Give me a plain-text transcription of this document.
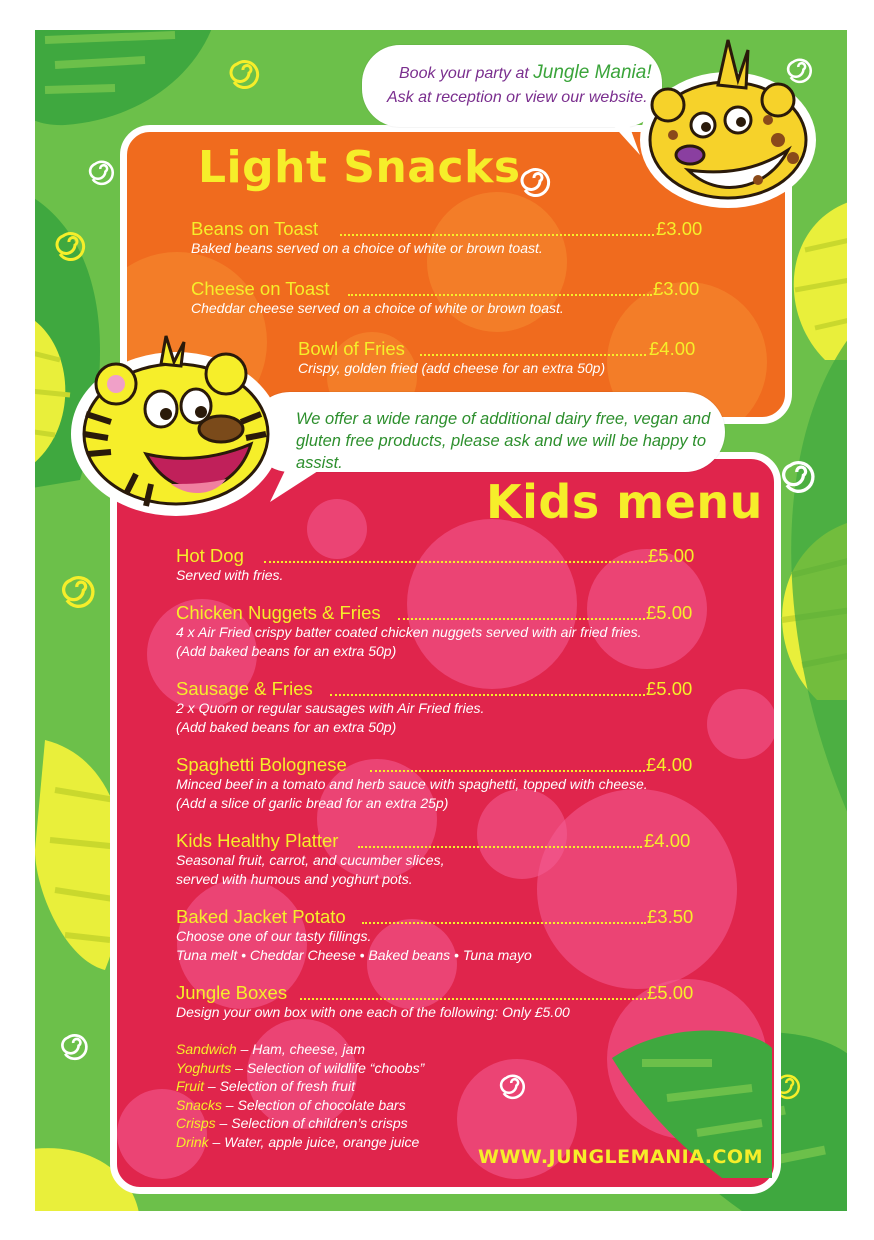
Light Snacks
Beans on Toast	£3.00
Baked beans served on a choice of white or brown toast.
Cheese on Toast	£3.00
Cheddar cheese served on a choice of white or brown toast.
Bowl of Fries	£4.00
Crispy, golden fried (add cheese for an extra 50p)
Kids menu
Book your party at Jungle Mania!
Ask at reception or view our website.
We offer a wide range of additional dairy free, vegan and gluten free products, please ask and we will be happy to assist.
Hot Dog	£5.00
Served with fries.
Chicken Nuggets & Fries	£5.00
4 x Air Fried crispy batter coated chicken nuggets served with air fried fries.
(Add baked beans for an extra 50p)
Sausage & Fries	£5.00
2 x Quorn or regular sausages with Air Fried fries.
(Add baked beans for an extra 50p)
Spaghetti Bolognese	£4.00
Minced beef in a tomato and herb sauce with spaghetti, topped with cheese.
(Add a slice of garlic bread for an extra 25p)
Kids Healthy Platter	£4.00
Seasonal fruit, carrot, and cucumber slices,
served with humous and yoghurt pots.
Baked Jacket Potato	£3.50
Choose one of our tasty fillings.
Tuna melt • Cheddar Cheese • Baked beans • Tuna mayo
Jungle Boxes	£5.00
Design your own box with one each of the following: Only £5.00
Sandwich – Ham, cheese, jam
Yoghurts – Selection of wildlife “choobs”
Fruit – Selection of fresh fruit
Snacks – Selection of chocolate bars
Crisps – Selection of children’s crisps
Drink – Water, apple juice, orange juice
WWW.JUNGLEMANIA.COM
